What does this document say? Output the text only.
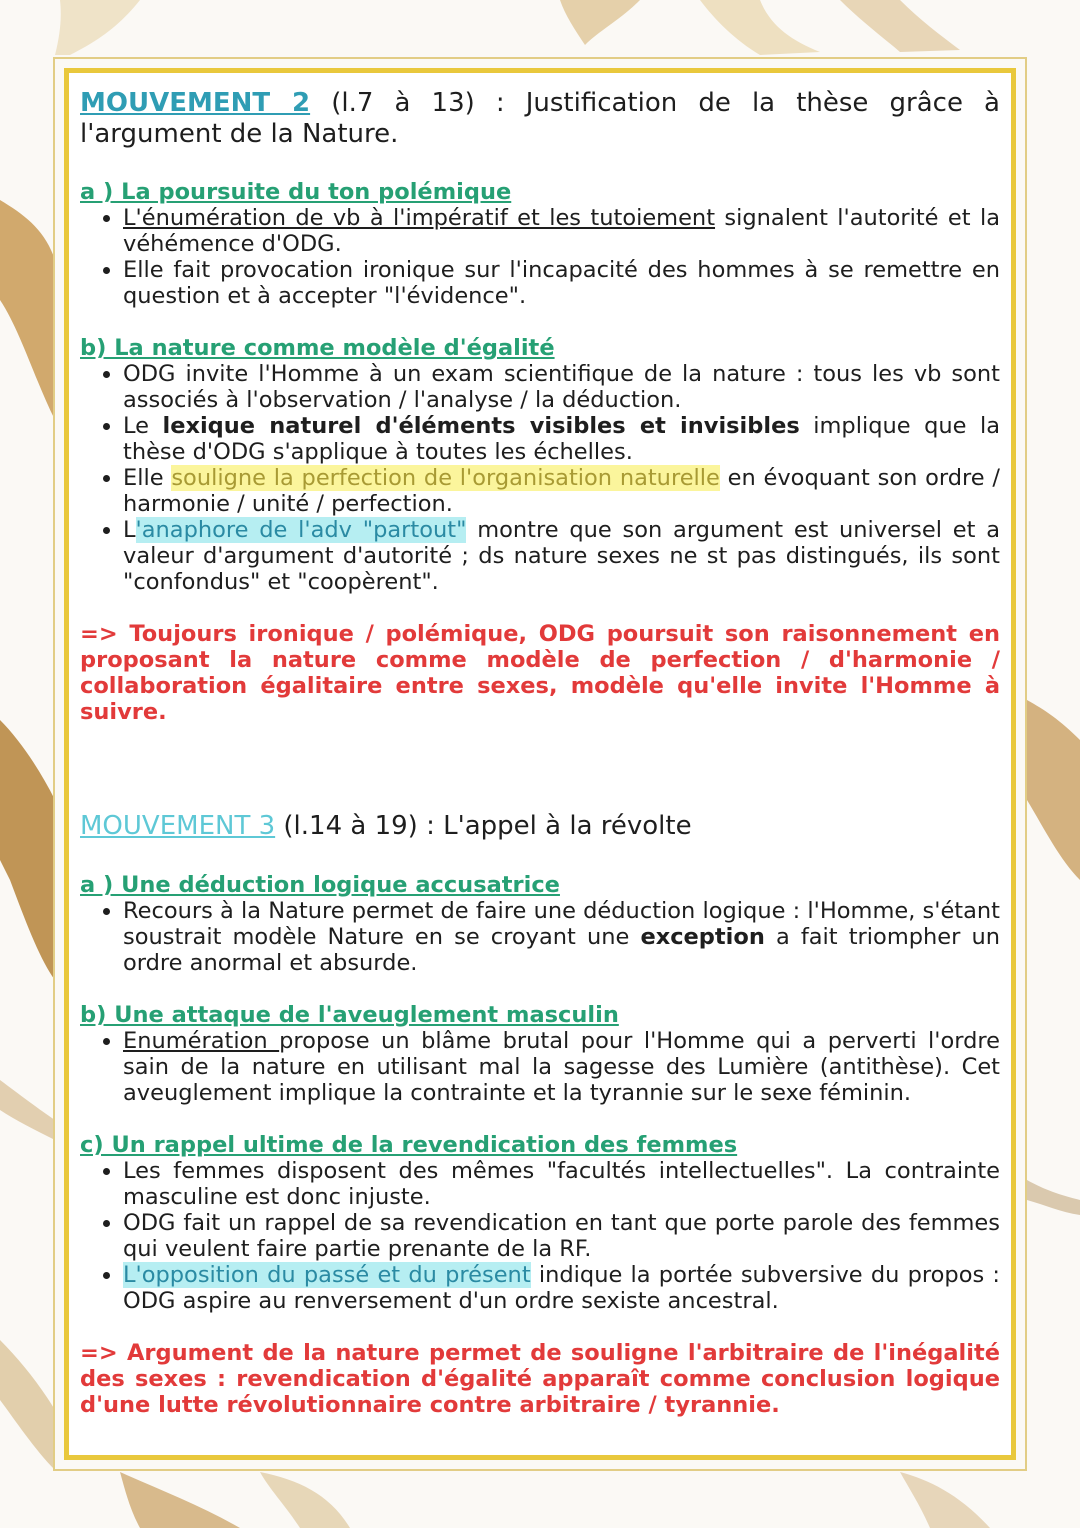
MOUVEMENT 2 (l.7 à 13) : Justification de la thèse grâce à l'argument de la Nature.

a ) La poursuite du ton polémique

• L'énumération de vb à l'impératif et les tutoiement signalent l'autorité et la véhémence d'ODG.
• Elle fait provocation ironique sur l'incapacité des hommes à se remettre en question et à accepter "l'évidence".

b) La nature comme modèle d'égalité

• ODG invite l'Homme à un exam scientifique de la nature : tous les vb sont associés à l'observation / l'analyse / la déduction.
• Le lexique naturel d'éléments visibles et invisibles implique que la thèse d'ODG s'applique à toutes les échelles.
• Elle souligne la perfection de l'organisation naturelle en évoquant son ordre / harmonie / unité / perfection.
• L'anaphore de l'adv "partout" montre que son argument est universel et a valeur d'argument d'autorité ; ds nature sexes ne st pas distingués, ils sont "confondus" et "coopèrent".

=> Toujours ironique / polémique, ODG poursuit son raisonnement en proposant la nature comme modèle de perfection / d'harmonie / collaboration égalitaire entre sexes, modèle qu'elle invite l'Homme à suivre.

MOUVEMENT 3 (l.14 à 19) : L'appel à la révolte

a ) Une déduction logique accusatrice

• Recours à la Nature permet de faire une déduction logique : l'Homme, s'étant soustrait modèle Nature en se croyant une exception a fait triompher un ordre anormal et absurde.

b) Une attaque de l'aveuglement masculin

• Enumération propose un blâme brutal pour l'Homme qui a perverti l'ordre sain de la nature en utilisant mal la sagesse des Lumière (antithèse). Cet aveuglement implique la contrainte et la tyrannie sur le sexe féminin.

c) Un rappel ultime de la revendication des femmes

• Les femmes disposent des mêmes "facultés intellectuelles". La contrainte masculine est donc injuste.
• ODG fait un rappel de sa revendication en tant que porte parole des femmes qui veulent faire partie prenante de la RF.
• L'opposition du passé et du présent indique la portée subversive du propos : ODG aspire au renversement d'un ordre sexiste ancestral.

=> Argument de la nature permet de souligne l'arbitraire de l'inégalité des sexes : revendication d'égalité apparaît comme conclusion logique d'une lutte révolutionnaire contre arbitraire / tyrannie.
